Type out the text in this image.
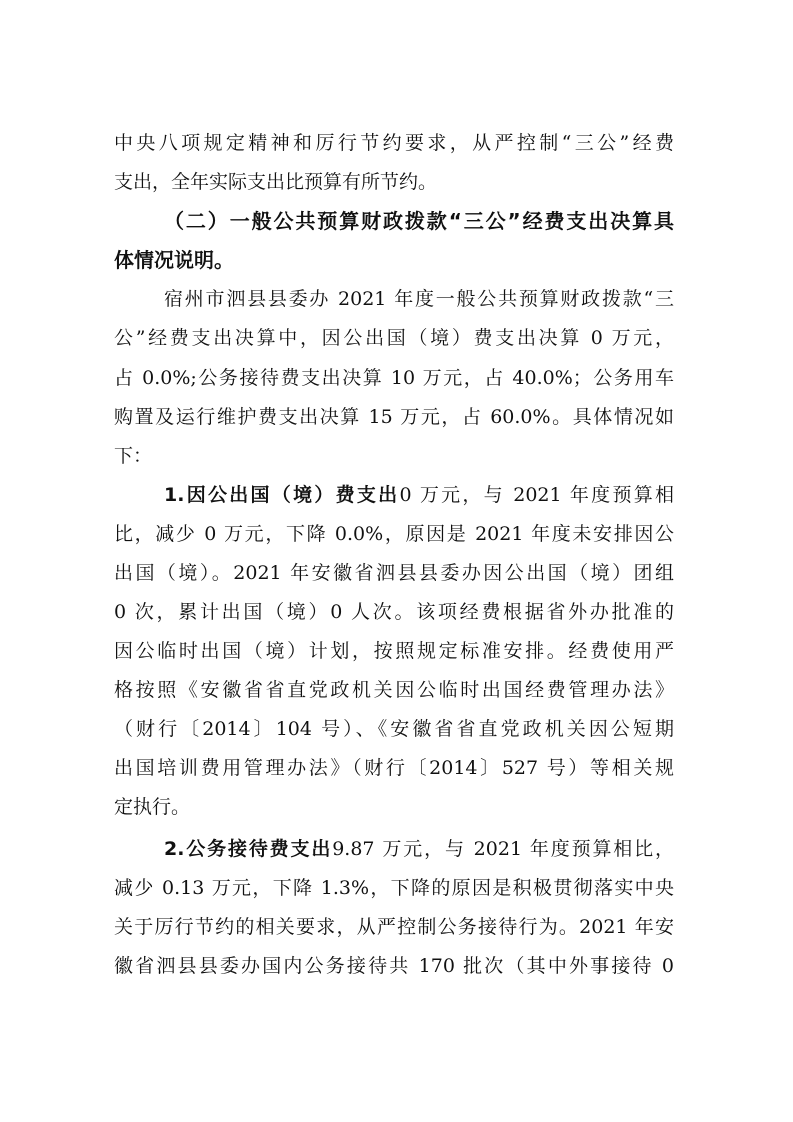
中央八项规定精神和厉行节约要求，从严控制“三公”经费
支出，全年实际支出比预算有所节约。
（二）一般公共预算财政拨款“三公”经费支出决算具
体情况说明。
宿州市泗县县委办 2021 年度一般公共预算财政拨款“三
公”经费支出决算中，因公出国（境）费支出决算 0 万元，
占 0.0%;公务接待费支出决算 10 万元，占 40.0%；公务用车
购置及运行维护费支出决算 15 万元，占 60.0%。具体情况如
下：
1.因公出国（境）费支出0 万元，与 2021 年度预算相
比，减少 0 万元，下降 0.0%，原因是 2021 年度未安排因公
出国（境）。2021 年安徽省泗县县委办因公出国（境）团组
0 次，累计出国（境）0 人次。该项经费根据省外办批准的
因公临时出国（境）计划，按照规定标准安排。经费使用严
格按照《安徽省省直党政机关因公临时出国经费管理办法》
（财行〔2014〕104 号）、《安徽省省直党政机关因公短期
出国培训费用管理办法》（财行〔2014〕527 号）等相关规
定执行。
2.公务接待费支出9.87 万元，与 2021 年度预算相比，
减少 0.13 万元，下降 1.3%，下降的原因是积极贯彻落实中央
关于厉行节约的相关要求，从严控制公务接待行为。2021 年安
徽省泗县县委办国内公务接待共 170 批次（其中外事接待 0
